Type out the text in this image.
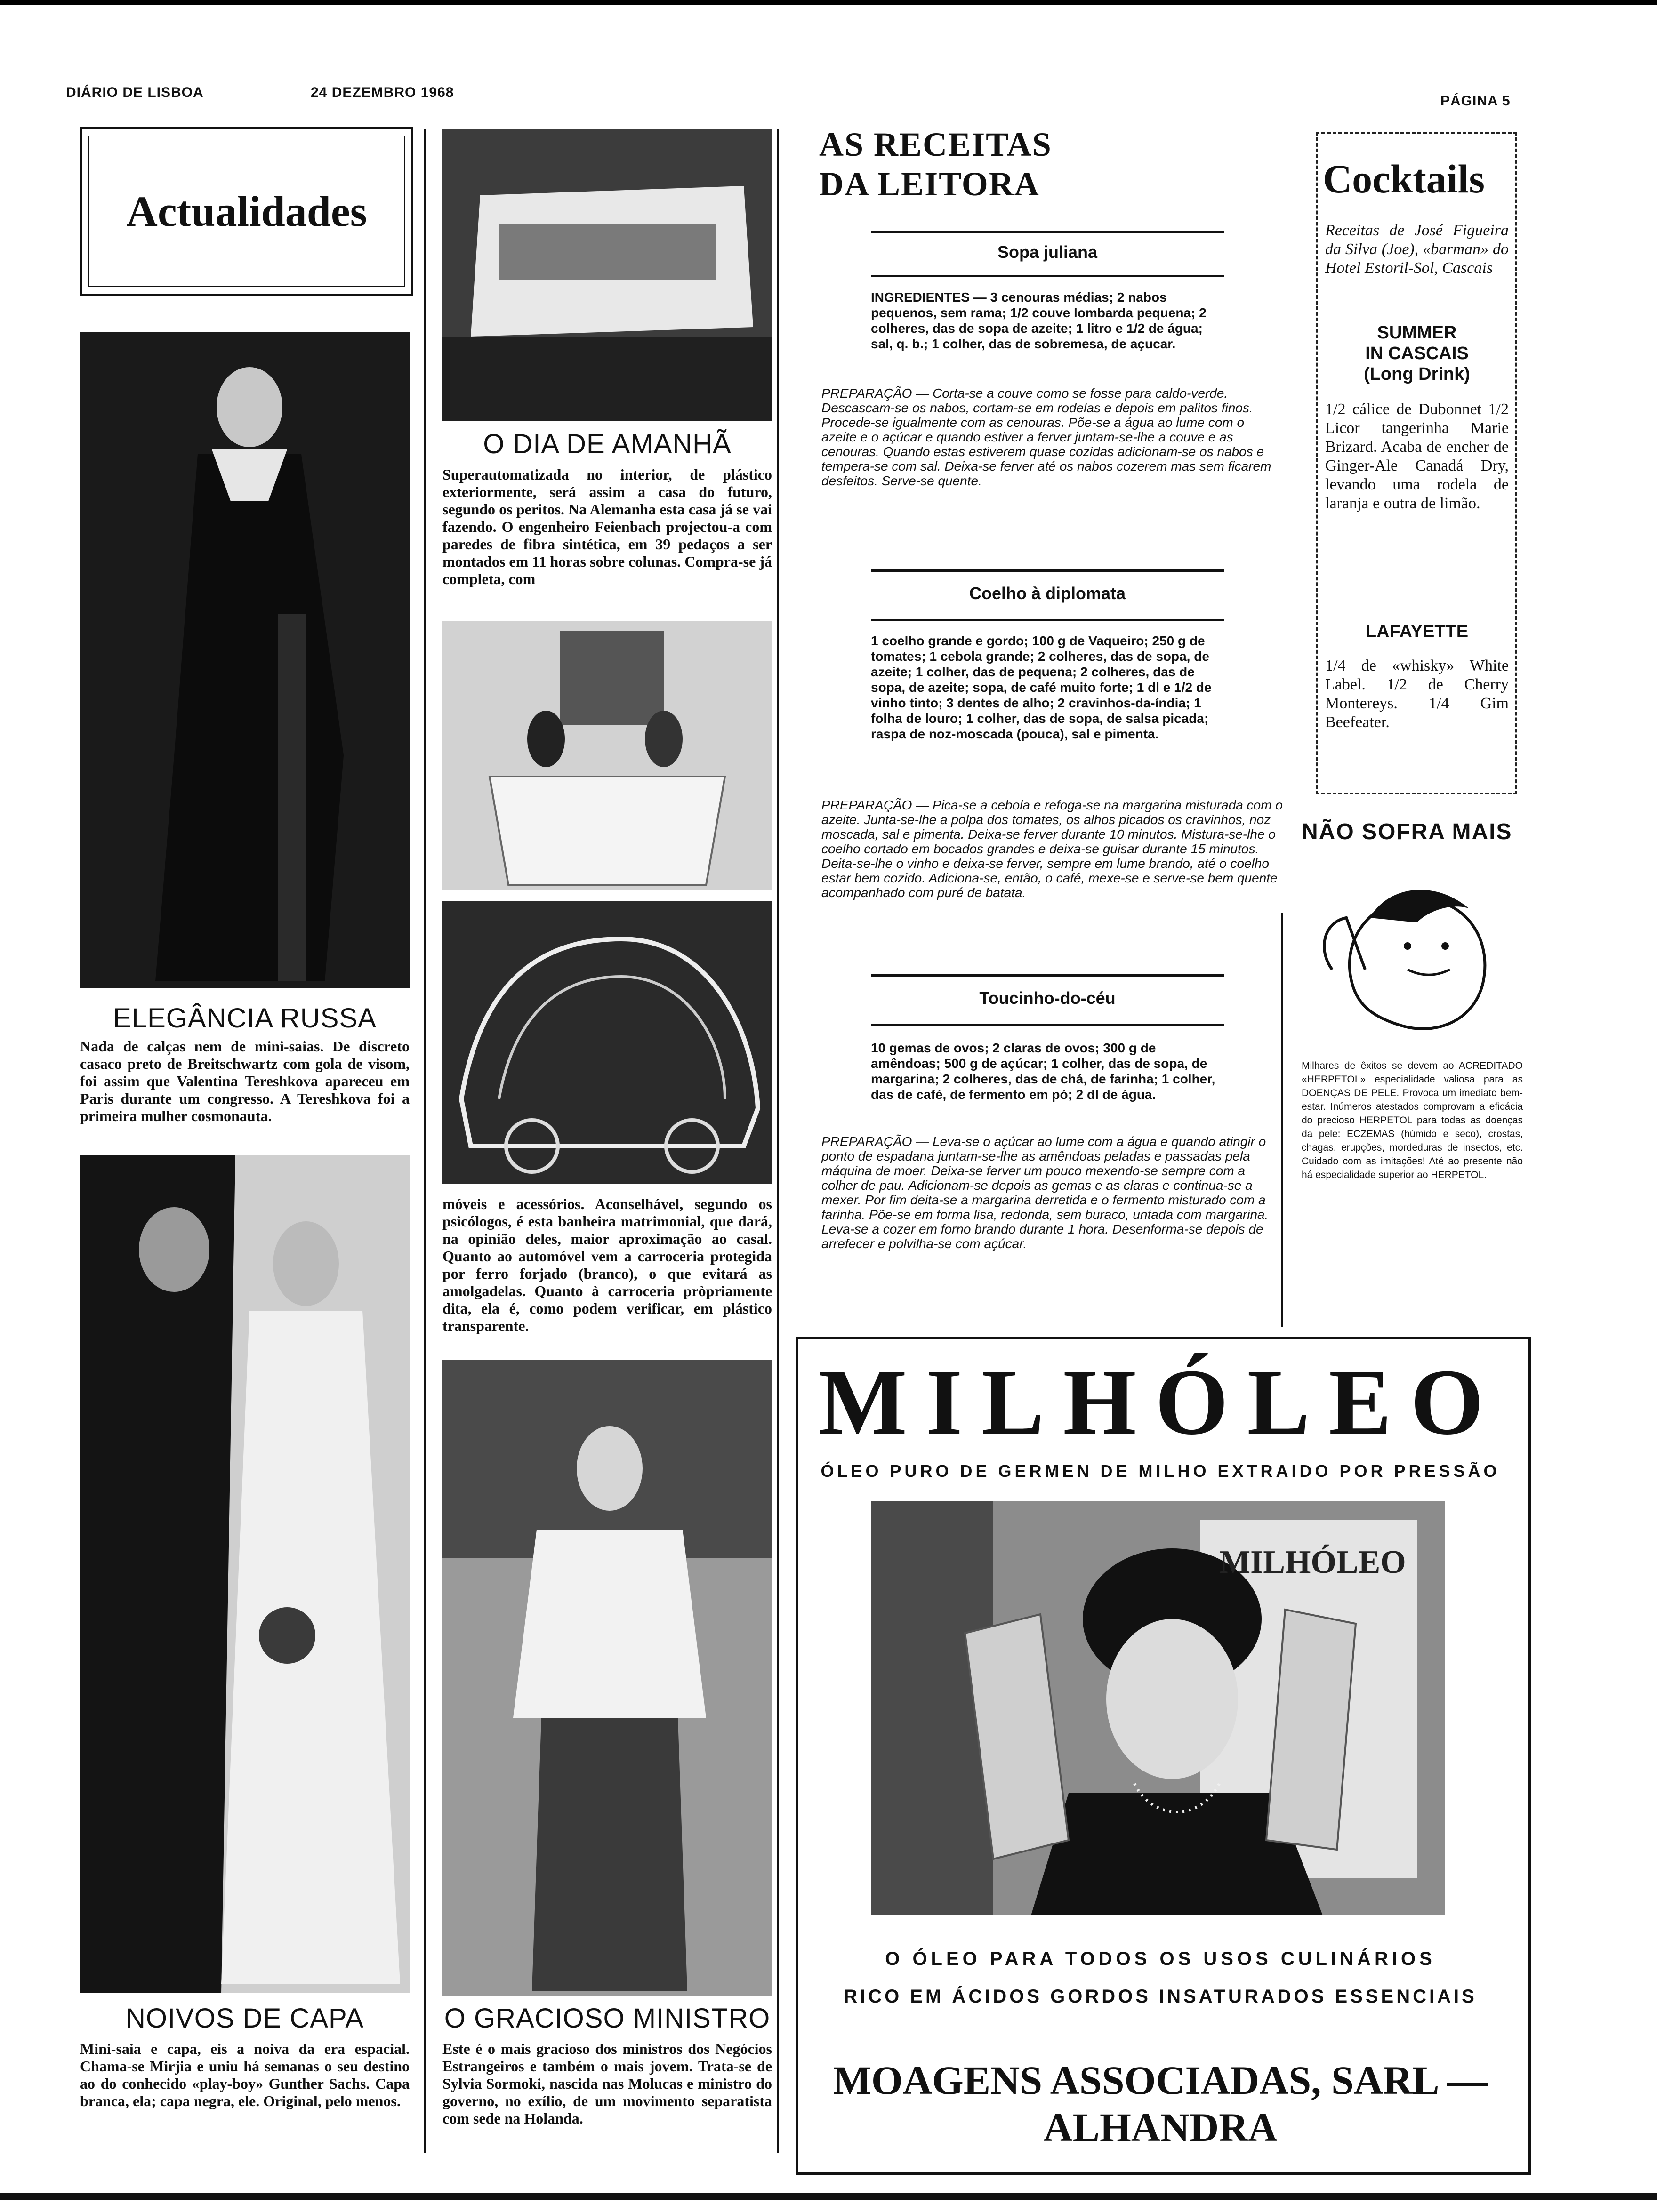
DIÁRIO DE LISBOA	24 DEZEMBRO 1968
PÁGINA 5
Actualidades
ELEGÂNCIA RUSSA
Nada de calças nem de mini-saias. De discreto casaco preto de Breitschwartz com gola de visom, foi assim que Valentina Tereshkova apareceu em Paris durante um congresso. A Tereshkova foi a primeira mulher cosmonauta.
NOIVOS DE CAPA
Mini-saia e capa, eis a noiva da era espacial. Chama-se Mirjia e uniu há semanas o seu destino ao do conhecido «play-boy» Gunther Sachs. Capa branca, ela; capa negra, ele. Original, pelo menos.
O DIA DE AMANHÃ
Superautomatizada no interior, de plástico exteriormente, será assim a casa do futuro, segundo os peritos. Na Alemanha esta casa já se vai fazendo. O engenheiro Feienbach projectou-a com paredes de fibra sintética, em 39 pedaços a ser montados em 11 horas sobre colunas. Compra-se já completa, com
móveis e acessórios. Aconselhável, segundo os psicólogos, é esta banheira matrimonial, que dará, na opinião deles, maior aproximação ao casal. Quanto ao automóvel vem a carroceria protegida por ferro forjado (branco), o que evitará as amolgadelas. Quanto à carroceria pròpriamente dita, ela é, como podem verificar, em plástico transparente.
O GRACIOSO MINISTRO
Este é o mais gracioso dos ministros dos Negócios Estrangeiros e também o mais jovem. Trata-se de Sylvia Sormoki, nascida nas Molucas e ministro do governo, no exílio, de um movimento separatista com sede na Holanda.
AS RECEITAS
DA LEITORA
Sopa juliana
INGREDIENTES — 3 cenouras médias; 2 nabos pequenos, sem rama; 1/2 couve lombarda pequena; 2 colheres, das de sopa de azeite; 1 litro e 1/2 de água; sal, q. b.; 1 colher, das de sobremesa, de açucar.
PREPARAÇÃO — Corta-se a couve como se fosse para caldo-verde. Descascam-se os nabos, cortam-se em rodelas e depois em palitos finos. Procede-se igualmente com as cenouras. Põe-se a água ao lume com o azeite e o açúcar e quando estiver a ferver juntam-se-lhe a couve e as cenouras. Quando estas estiverem quase cozidas adicionam-se os nabos e tempera-se com sal. Deixa-se ferver até os nabos cozerem mas sem ficarem desfeitos. Serve-se quente.
Coelho à diplomata
1 coelho grande e gordo; 100 g de Vaqueiro; 250 g de tomates; 1 cebola grande; 2 colheres, das de sopa, de azeite; 1 colher, das de pequena; 2 colheres, das de sopa, de azeite; sopa, de café muito forte; 1 dl e 1/2 de vinho tinto; 3 dentes de alho; 2 cravinhos-da-índia; 1 folha de louro; 1 colher, das de sopa, de salsa picada; raspa de noz-moscada (pouca), sal e pimenta.
PREPARAÇÃO — Pica-se a cebola e refoga-se na margarina misturada com o azeite. Junta-se-lhe a polpa dos tomates, os alhos picados os cravinhos, noz moscada, sal e pimenta. Deixa-se ferver durante 10 minutos. Mistura-se-lhe o coelho cortado em bocados grandes e deixa-se guisar durante 15 minutos. Deita-se-lhe o vinho e deixa-se ferver, sempre em lume brando, até o coelho estar bem cozido. Adiciona-se, então, o café, mexe-se e serve-se bem quente acompanhado com puré de batata.
Toucinho-do-céu
10 gemas de ovos; 2 claras de ovos; 300 g de amêndoas; 500 g de açúcar; 1 colher, das de sopa, de margarina; 2 colheres, das de chá, de farinha; 1 colher, das de café, de fermento em pó; 2 dl de água.
PREPARAÇÃO — Leva-se o açúcar ao lume com a água e quando atingir o ponto de espadana juntam-se-lhe as amêndoas peladas e passadas pela máquina de moer. Deixa-se ferver um pouco mexendo-se sempre com a colher de pau. Adicionam-se depois as gemas e as claras e continua-se a mexer. Por fim deita-se a margarina derretida e o fermento misturado com a farinha. Põe-se em forma lisa, redonda, sem buraco, untada com margarina. Leva-se a cozer em forno brando durante 1 hora. Desenforma-se depois de arrefecer e polvilha-se com açúcar.
Cocktails
Receitas de José Figueira da Silva (Joe), «barman» do Hotel Estoril-Sol, Cascais
SUMMER
IN CASCAIS
(Long Drink)
1/2 cálice de Dubonnet 1/2 Licor tangerinha Marie Brizard. Acaba de encher de Ginger-Ale Canadá Dry, levando uma rodela de laranja e outra de limão.
LAFAYETTE
1/4 de «whisky» White Label. 1/2 de Cherry Montereys. 1/4 Gim Beefeater.
NÃO SOFRA MAIS
Milhares de êxitos se devem ao ACREDITADO «HERPETOL» especialidade valiosa para as DOENÇAS DE PELE. Provoca um imediato bem-estar. Inúmeros atestados comprovam a eficácia do precioso HERPETOL para todas as doenças da pele: ECZEMAS (húmido e seco), crostas, chagas, erupções, mordeduras de insectos, etc. Cuidado com as imitações! Até ao presente não há especialidade superior ao HERPETOL.
MILHÓLEO
ÓLEO PURO DE GERMEN DE MILHO EXTRAIDO POR PRESSÃO
MILHÓLEO
O ÓLEO PARA TODOS OS USOS CULINÁRIOS
RICO EM ÁCIDOS GORDOS INSATURADOS ESSENCIAIS
MOAGENS ASSOCIADAS, SARL — ALHANDRA
